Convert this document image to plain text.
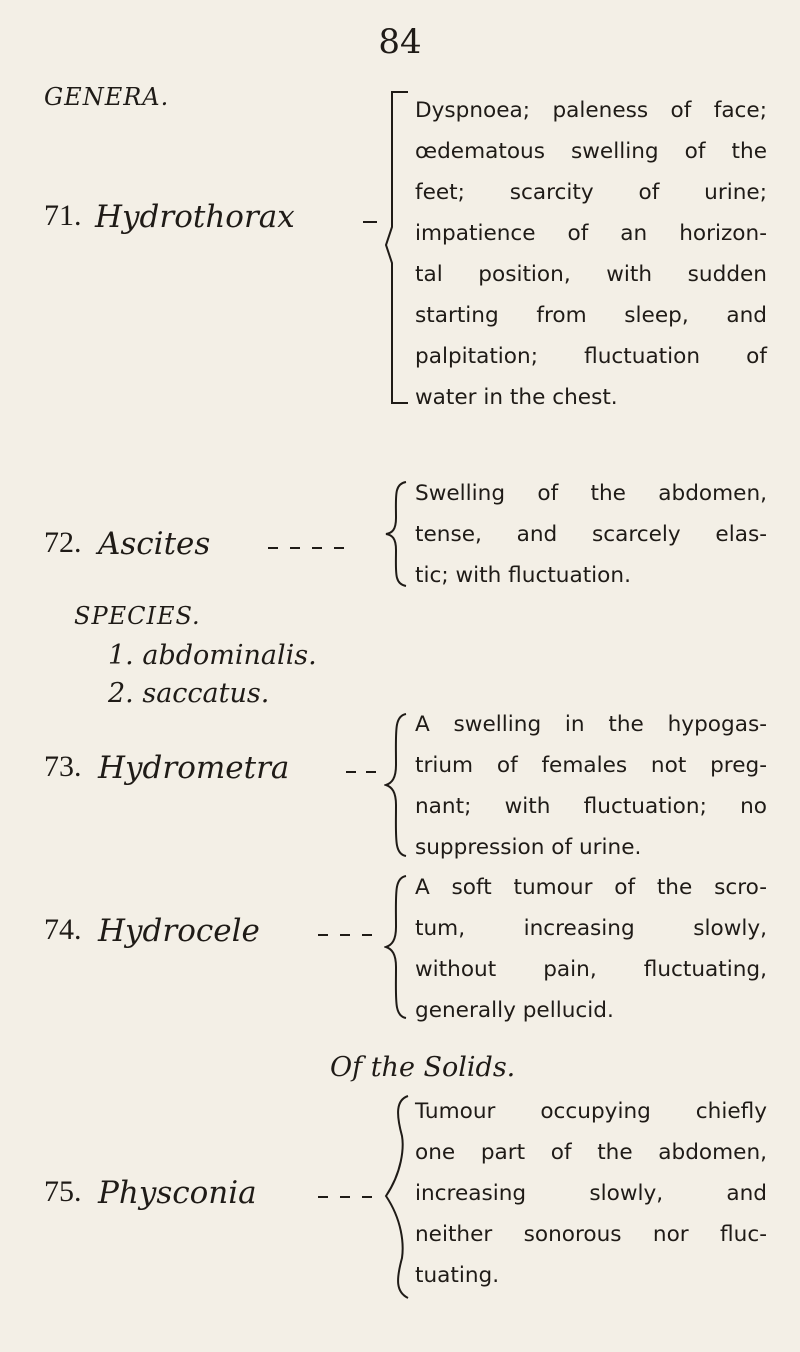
84
GENERA.
71. Hydrothorax
Dyspnoea; paleness of face;
œdematous swelling of the
feet; scarcity of urine;
impatience of an horizon-
tal position, with sudden
starting from sleep, and
palpitation; fluctuation of
water in the chest.
72. Ascites
Swelling of the abdomen,
tense, and scarcely elas-
tic; with fluctuation.
SPECIES.
1. abdominalis.
2. saccatus.
73. Hydrometra
A swelling in the hypogas-
trium of females not preg-
nant; with fluctuation; no
suppression of urine.
74. Hydrocele
A soft tumour of the scro-
tum, increasing slowly,
without pain, fluctuating,
generally pellucid.
Of the Solids.
75. Physconia
Tumour occupying chiefly
one part of the abdomen,
increasing slowly, and
neither sonorous nor fluc-
tuating.
